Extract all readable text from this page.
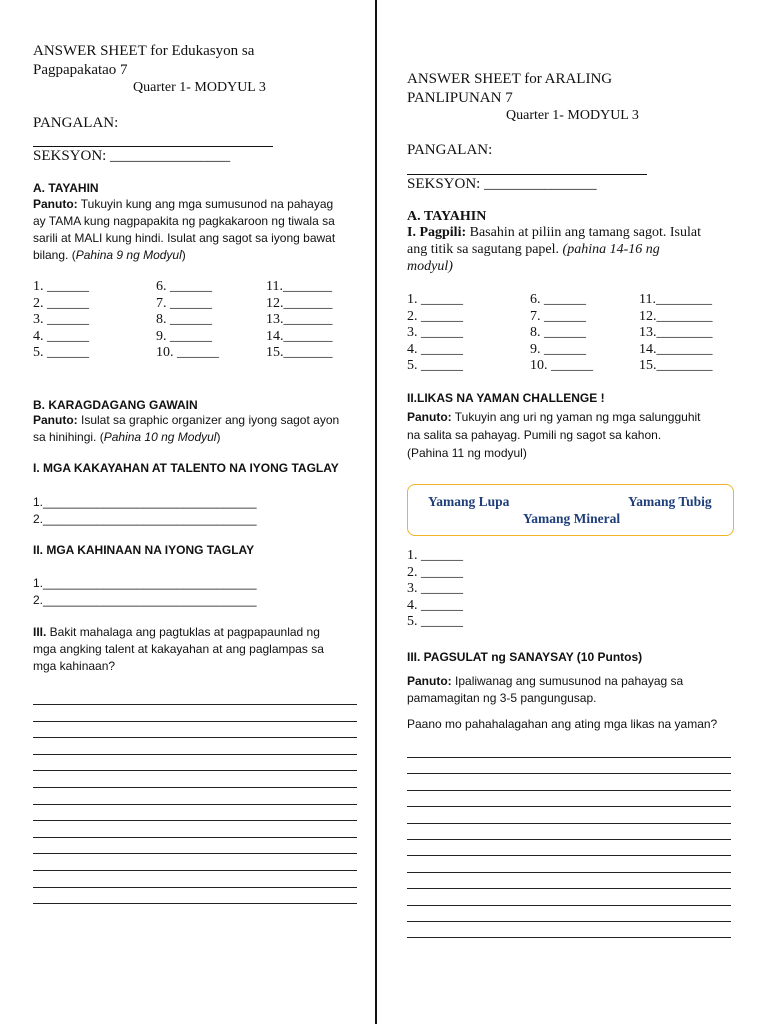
ANSWER SHEET for Edukasyon sa
Pagpapakatao 7
Quarter 1- MODYUL 3
PANGALAN:
SEKSYON: ________________
A. TAYAHIN
Panuto: Tukuyin kung ang mga sumusunod na pahayag
ay TAMA kung nagpapakita ng pagkakaroon ng tiwala sa
sarili at MALI kung hindi. Isulat ang sagot sa iyong bawat
bilang. (Pahina 9 ng Modyul)
1. ______	6. ______	11._______
2. ______	7. ______	12._______
3. ______	8. ______	13._______
4. ______	9. ______	14._______
5. ______	10. ______	15._______
B. KARAGDAGANG GAWAIN
Panuto: Isulat sa graphic organizer ang iyong sagot ayon
sa hinihingi. (Pahina 10 ng Modyul)
I. MGA KAKAYAHAN AT TALENTO NA IYONG TAGLAY
1.________________________________
2.________________________________
II. MGA KAHINAAN NA IYONG TAGLAY
1.________________________________
2.________________________________
III. Bakit mahalaga ang pagtuklas at pagpapaunlad ng
mga angking talent at kakayahan at ang paglampas sa
mga kahinaan?
ANSWER SHEET for ARALING
PANLIPUNAN 7
Quarter 1- MODYUL 3
PANGALAN:
SEKSYON: _______________
A. TAYAHIN
I. Pagpili: Basahin at piliin ang tamang sagot. Isulat
ang titik sa sagutang papel. (pahina 14-16 ng
modyul)
1. ______	6. ______	11.________
2. ______	7. ______	12.________
3. ______	8. ______	13.________
4. ______	9. ______	14.________
5. ______	10. ______	15.________
II.LIKAS NA YAMAN CHALLENGE !
Panuto: Tukuyin ang uri ng yaman ng mga salungguhit
na salita sa pahayag. Pumili ng sagot sa kahon.
(Pahina 11 ng modyul)
Yamang Lupa	Yamang Tubig
Yamang Mineral
1. ______
2. ______
3. ______
4. ______
5. ______
III. PAGSULAT ng SANAYSAY (10 Puntos)
Panuto: Ipaliwanag ang sumusunod na pahayag sa
pamamagitan ng 3-5 pangungusap.
Paano mo pahahalagahan ang ating mga likas na yaman?
